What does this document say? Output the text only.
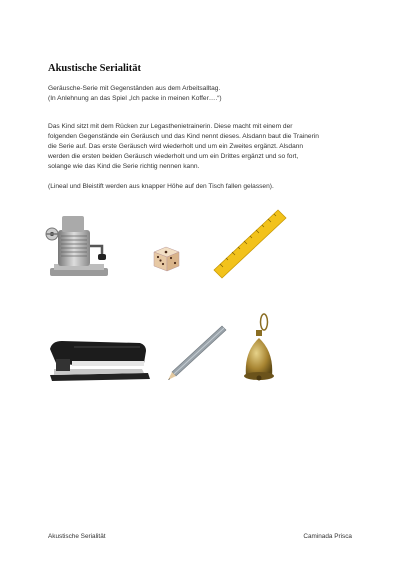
Akustische Serialität
Geräusche-Serie mit Gegenständen aus dem Arbeitsalltag.
(In Anlehnung an das Spiel „Ich packe in meinen Koffer….“)
Das Kind sitzt mit dem Rücken zur Legasthenietrainerin. Diese macht mit einem der
folgenden Gegenstände ein Geräusch und das Kind nennt dieses. Alsdann baut die Trainerin
die Serie auf. Das erste Geräusch wird wiederholt und um ein Zweites ergänzt. Alsdann
werden die ersten beiden Geräusch wiederholt und um ein Drittes ergänzt und so fort,
solange wie das Kind die Serie richtig nennen kann.
(Lineal und Bleistift werden aus knapper Höhe auf den Tisch fallen gelassen).
Akustische Serialität	Caminada Prisca
